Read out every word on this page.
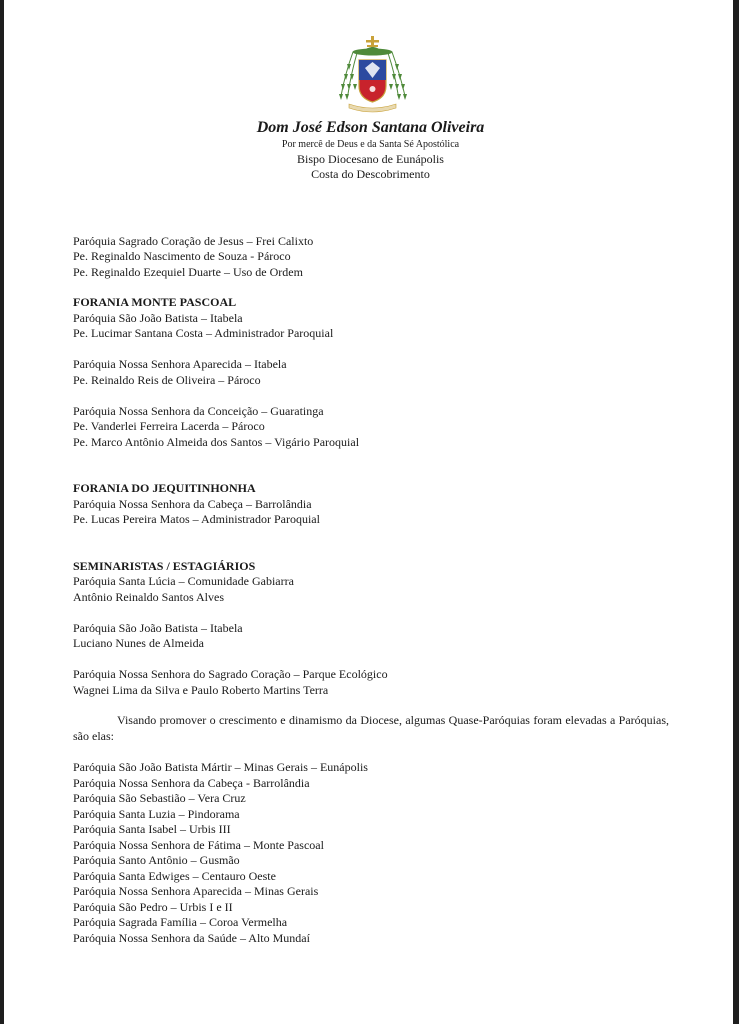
Dom José Edson Santana Oliveira
Por mercê de Deus e da Santa Sé Apostólica
Bispo Diocesano de Eunápolis
Costa do Descobrimento
Paróquia Sagrado Coração de Jesus – Frei Calixto
Pe. Reginaldo Nascimento de Souza - Pároco
Pe. Reginaldo Ezequiel Duarte – Uso de Ordem
FORANIA MONTE PASCOAL
Paróquia São João Batista – Itabela
Pe. Lucimar Santana Costa – Administrador Paroquial
Paróquia Nossa Senhora Aparecida – Itabela
Pe. Reinaldo Reis de Oliveira – Pároco
Paróquia Nossa Senhora da Conceição – Guaratinga
Pe. Vanderlei Ferreira Lacerda – Pároco
Pe. Marco Antônio Almeida dos Santos – Vigário Paroquial
FORANIA DO JEQUITINHONHA
Paróquia Nossa Senhora da Cabeça – Barrolândia
Pe. Lucas Pereira Matos – Administrador Paroquial
SEMINARISTAS / ESTAGIÁRIOS
Paróquia Santa Lúcia – Comunidade Gabiarra
Antônio Reinaldo Santos Alves
Paróquia São João Batista – Itabela
Luciano Nunes de Almeida
Paróquia Nossa Senhora do Sagrado Coração – Parque Ecológico
Wagnei Lima da Silva e Paulo Roberto Martins Terra
Visando promover o crescimento e dinamismo da Diocese, algumas Quase-Paróquias foram elevadas a Paróquias, são elas:
Paróquia São João Batista Mártir – Minas Gerais – Eunápolis
Paróquia Nossa Senhora da Cabeça - Barrolândia
Paróquia São Sebastião – Vera Cruz
Paróquia Santa Luzia – Pindorama
Paróquia Santa Isabel – Urbis III
Paróquia Nossa Senhora de Fátima – Monte Pascoal
Paróquia Santo Antônio – Gusmão
Paróquia Santa Edwiges – Centauro Oeste
Paróquia Nossa Senhora Aparecida – Minas Gerais
Paróquia São Pedro – Urbis I e II
Paróquia Sagrada Família – Coroa Vermelha
Paróquia Nossa Senhora da Saúde – Alto Mundaí
